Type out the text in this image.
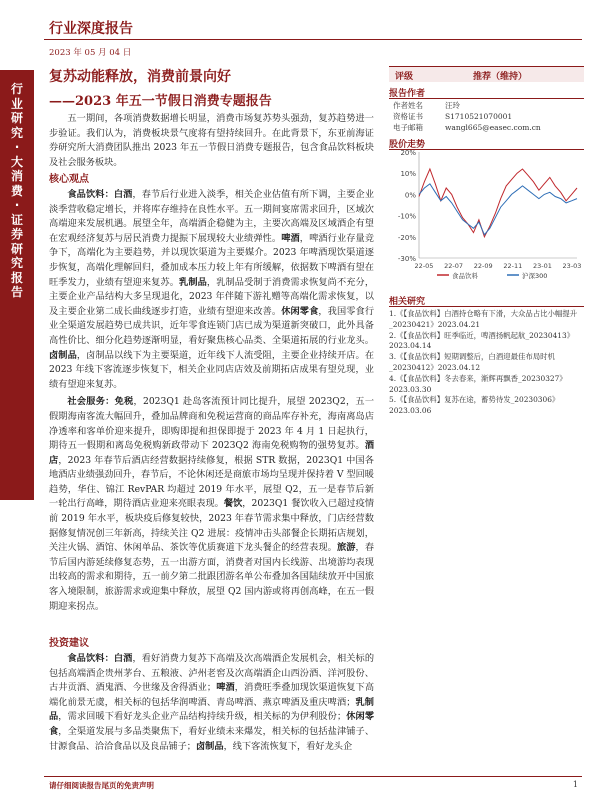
行业深度报告
2023 年 05 月 04 日
行
业
研
究
·
大
消
费
·
证
券
研
究
报
告
复苏动能释放，消费前景向好
——2023 年五一节假日消费专题报告

五一期间，各项消费数据增长明显，消费市场复苏势头强劲，复苏趋势进一步验证。我们认为，消费板块景气度将有望持续回升。在此背景下，东亚前海证券研究所大消费团队推出 2023 年五一节假日消费专题报告，包含食品饮料板块及社会服务板块。

核心观点

食品饮料：白酒，春节后行业进入淡季，相关企业估值有所下调，主要企业淡季营收稳定增长，并将库存维持在良性水平。五一期间宴席需求回升，区域次高端迎来发展机遇。展望全年，高端酒企稳健为主，主要次高端及区域酒企有望在宏观经济复苏与居民消费力提振下展现较大业绩弹性。啤酒，啤酒行业存量竞争下，高端化为主要趋势，并以现饮渠道为主要媒介。2023 年啤酒现饮渠道逐步恢复，高端化理解回归，叠加成本压力较上年有所缓解，依据数下啤酒有望在旺季发力，业绩有望迎来复苏。乳制品，乳制品受制于消费需求恢复尚不充分，主要企业产品结构大多呈现退化，2023 年伴随下游礼赠等高端化需求恢复，以及主要企业第二成长曲线逐步打造，业绩有望迎来改善。休闲零食，我国零食行业全渠道发展趋势已成共识，近年零食连锁门店已成为渠道新突破口，此外具备高性价比、细分化趋势逐渐明显，看好聚焦核心品类、全渠道拓展的行业龙头。卤制品，卤制品以线下为主要渠道，近年线下人流受阻，主要企业持续开店。在 2023 年线下客流逐步恢复下，相关企业同店店效及前期拓店成果有望兑现，业绩有望迎来复苏。

社会服务：免税，2023Q1 赴岛客流预计同比提升，展望 2023Q2，五一假期海南客流大幅回升，叠加品牌商和免税运营商的商品库存补充，海南离岛店净透率和客单价迎来提升，即购即提和担保即提于 2023 年 4 月 1 日起执行，期待五一假期和离岛免税购新政带动下 2023Q2 海南免税购物的强势复苏。酒店，2023 年春节后酒店经营数据持续修复，根据 STR 数据，2023Q1 中国各地酒店业绩强劲回升，春节后，不论休闲还是商旅市场均呈现并保持着 V 型回暖趋势，华住、锦江 RevPAR 均超过 2019 年水平，展望 Q2，五一是春节后新一轮出行高峰，期待酒店业迎来亮眼表现。餐饮，2023Q1 餐饮收入已超过疫情前 2019 年水平，板块疫后修复较快，2023 年春节需求集中释放，门店经营数据修复情况创三年新高，持续关注 Q2 进展：疫情冲击头部餐企长期拓店规划，关注火锅、酒馆、休闲单品、茶饮等优质赛道下龙头餐企的经营表现。旅游，春节后国内游延续修复态势，五一出游方面，消费者对国内长线游、出境游均表现出较高的需求和期待，五一前夕第二批跟团游名单公布叠加各国陆续放开中国旅客入境限制，旅游需求或迎集中释放，展望 Q2 国内游或将再创高峰，在五一假期迎来拐点。

投资建议

食品饮料：白酒，看好消费力复苏下高端及次高端酒企发展机会，相关标的包括高端酒企贵州茅台、五粮液、泸州老窖及次高端酒企山西汾酒、洋河股份、古井贡酒、酒鬼酒、今世缘及舍得酒业；啤酒，消费旺季叠加现饮渠道恢复下高端化前景无虞，相关标的包括华润啤酒、青岛啤酒、燕京啤酒及重庆啤酒；乳制品，需求回暖下看好龙头企业产品结构持续升级，相关标的为伊利股份；休闲零食，全渠道发展与多品类聚焦下，看好业绩未来爆发，相关标的包括盐津铺子、甘源食品、洽洽食品以及良品铺子；卤制品，线下客流恢复下，看好龙头企

评级	推荐（维持）
报告作者
作者姓名	汪玲
资格证书	S1710521070001
电子邮箱	wangl665@easec.com.cn
股价走势
20%
10%
0%
-10%
-20%
-30%
22-05 22-07 22-09 22-11 23-01 23-03
食品饮料	沪深300
相关研究
1.《【食品饮料】白酒持仓略有下滑，大众品占比小幅提升_20230421》2023.04.21
2.《【食品饮料】旺季临近，啤酒扬帆起航_20230413》2023.04.14
3.《【食品饮料】短期调整后，白酒迎最佳布局时机_20230412》2023.04.12
4.《【食品饮料】冬去春来，渐辉再飘香_20230327》2023.03.30
5.《【食品饮料】复苏在途，蓄势待发_20230306》2023.03.06
请仔细阅读报告尾页的免责声明	1
